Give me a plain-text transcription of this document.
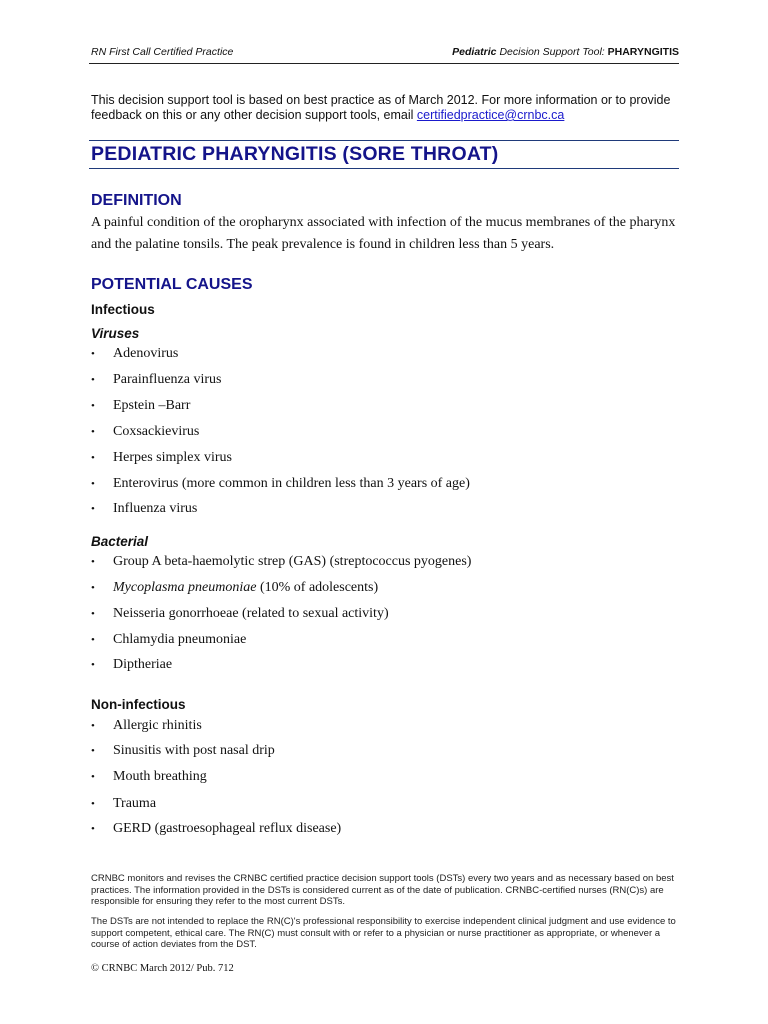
RN First Call Certified Practice	Pediatric Decision Support Tool: PHARYNGITIS
This decision support tool is based on best practice as of March 2012. For more information or to provide feedback on this or any other decision support tools, email certifiedpractice@crnbc.ca
PEDIATRIC PHARYNGITIS (SORE THROAT)
DEFINITION
A painful condition of the oropharynx associated with infection of the mucus membranes of the pharynx and the palatine tonsils. The peak prevalence is found in children less than 5 years.
POTENTIAL CAUSES
Infectious
Viruses
• Adenovirus
• Parainfluenza virus
• Epstein –Barr
• Coxsackievirus
• Herpes simplex virus
• Enterovirus (more common in children less than 3 years of age)
• Influenza virus
Bacterial
• Group A beta-haemolytic strep (GAS) (streptococcus pyogenes)
• Mycoplasma pneumoniae (10% of adolescents)
• Neisseria gonorrhoeae (related to sexual activity)
• Chlamydia pneumoniae
• Diptheriae
Non-infectious
• Allergic rhinitis
• Sinusitis with post nasal drip
• Mouth breathing
• Trauma
• GERD (gastroesophageal reflux disease)
CRNBC monitors and revises the CRNBC certified practice decision support tools (DSTs) every two years and as necessary based on best practices. The information provided in the DSTs is considered current as of the date of publication. CRNBC-certified nurses (RN(C)s) are responsible for ensuring they refer to the most current DSTs.
The DSTs are not intended to replace the RN(C)'s professional responsibility to exercise independent clinical judgment and use evidence to support competent, ethical care. The RN(C) must consult with or refer to a physician or nurse practitioner as appropriate, or whenever a course of action deviates from the DST.
© CRNBC March 2012/ Pub. 712
